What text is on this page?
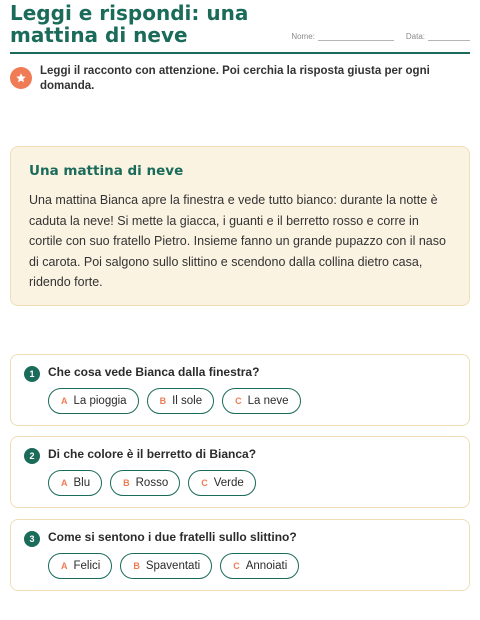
Leggi e rispondi: una
mattina di neve	Nome:	Data:
Leggi il racconto con attenzione. Poi cerchia la risposta giusta per ogni domanda.
Una mattina di neve
Una mattina Bianca apre la finestra e vede tutto bianco: durante la notte è caduta la neve! Si mette la giacca, i guanti e il berretto rosso e corre in cortile con suo fratello Pietro. Insieme fanno un grande pupazzo con il naso di carota. Poi salgono sullo slittino e scendono dalla collina dietro casa, ridendo forte.
1	Che cosa vede Bianca dalla finestra?
A La pioggia	B Il sole	C La neve
2	Di che colore è il berretto di Bianca?
A Blu	B Rosso	C Verde
3	Come si sentono i due fratelli sullo slittino?
A Felici	B Spaventati	C Annoiati
